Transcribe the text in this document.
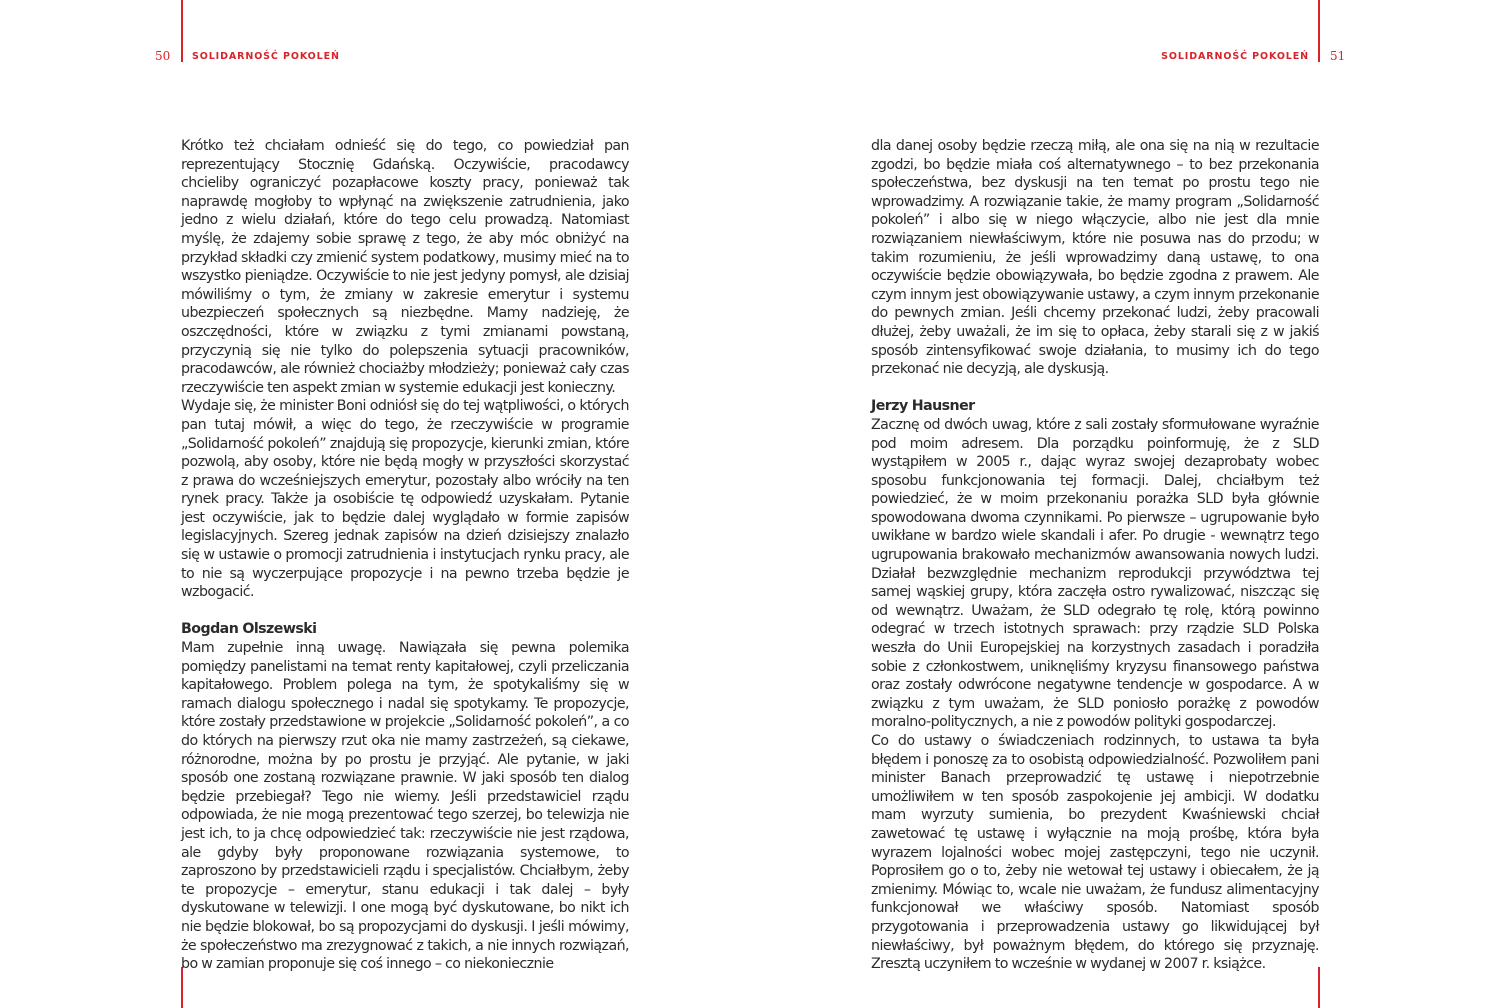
50 SOLIDARNOŚĆ POKOLEŃ	SOLIDARNOŚĆ POKOLEŃ 51

Krótko też chciałam odnieść się do tego, co powiedział pan reprezentujący Stocznię Gdańską. Oczywiście, pracodawcy chcieliby ograniczyć pozapłacowe koszty pracy, ponieważ tak naprawdę mogłoby to wpłynąć na zwiększenie zatrudnienia, jako jedno z wielu działań, które do tego celu prowadzą. Natomiast myślę, że zdajemy sobie sprawę z tego, że aby móc obniżyć na przykład składki czy zmienić system podatkowy, musimy mieć na to wszystko pieniądze. Oczywiście to nie jest jedyny pomysł, ale dzisiaj mówiliśmy o tym, że zmiany w zakresie emerytur i systemu ubezpieczeń społecznych są niezbędne. Mamy nadzieję, że oszczędności, które w związku z tymi zmianami powstaną, przyczynią się nie tylko do polepszenia sytuacji pracowników, pracodawców, ale również chociażby młodzieży; ponieważ cały czas rzeczywiście ten aspekt zmian w systemie edukacji jest konieczny.

Wydaje się, że minister Boni odniósł się do tej wątpliwości, o których pan tutaj mówił, a więc do tego, że rzeczywiście w programie „Solidarność pokoleń” znajdują się propozycje, kierunki zmian, które pozwolą, aby osoby, które nie będą mogły w przyszłości skorzystać z prawa do wcześniejszych emerytur, pozostały albo wróciły na ten rynek pracy. Także ja osobiście tę odpowiedź uzyskałam. Pytanie jest oczywiście, jak to będzie dalej wyglądało w formie zapisów legislacyjnych. Szereg jednak zapisów na dzień dzisiejszy znalazło się w ustawie o promocji zatrudnienia i instytucjach rynku pracy, ale to nie są wyczerpujące propozycje i na pewno trzeba będzie je wzbogacić.

Bogdan Olszewski

Mam zupełnie inną uwagę. Nawiązała się pewna polemika pomiędzy panelistami na temat renty kapitałowej, czyli przeliczania kapitałowego. Problem polega na tym, że spotykaliśmy się w ramach dialogu społecznego i nadal się spotykamy. Te propozycje, które zostały przedstawione w projekcie „Solidarność pokoleń”, a co do których na pierwszy rzut oka nie mamy zastrzeżeń, są ciekawe, różnorodne, można by po prostu je przyjąć. Ale pytanie, w jaki sposób one zostaną rozwiązane prawnie. W jaki sposób ten dialog będzie przebiegał? Tego nie wiemy. Jeśli przedstawiciel rządu odpowiada, że nie mogą prezentować tego szerzej, bo telewizja nie jest ich, to ja chcę odpowiedzieć tak: rzeczywiście nie jest rządowa, ale gdyby były proponowane rozwiązania systemowe, to zaproszono by przedstawicieli rządu i specjalistów. Chciałbym, żeby te propozycje – emerytur, stanu edukacji i tak dalej – były dyskutowane w telewizji. I one mogą być dyskutowane, bo nikt ich nie będzie blokował, bo są propozycjami do dyskusji. I jeśli mówimy, że społeczeństwo ma zrezygnować z takich, a nie innych rozwiązań, bo w zamian proponuje się coś innego – co niekoniecznie

dla danej osoby będzie rzeczą miłą, ale ona się na nią w rezultacie zgodzi, bo będzie miała coś alternatywnego – to bez przekonania społeczeństwa, bez dyskusji na ten temat po prostu tego nie wprowadzimy. A rozwiązanie takie, że mamy program „Solidarność pokoleń” i albo się w niego włączycie, albo nie jest dla mnie rozwiązaniem niewłaściwym, które nie posuwa nas do przodu; w takim rozumieniu, że jeśli wprowadzimy daną ustawę, to ona oczywiście będzie obowiązywała, bo będzie zgodna z prawem. Ale czym innym jest obowiązywanie ustawy, a czym innym przekonanie do pewnych zmian. Jeśli chcemy przekonać ludzi, żeby pracowali dłużej, żeby uważali, że im się to opłaca, żeby starali się z w jakiś sposób zintensyfikować swoje działania, to musimy ich do tego przekonać nie decyzją, ale dyskusją.

Jerzy Hausner

Zacznę od dwóch uwag, które z sali zostały sformułowane wyraźnie pod moim adresem. Dla porządku poinformuję, że z SLD wystąpiłem w 2005 r., dając wyraz swojej dezaprobaty wobec sposobu funkcjonowania tej formacji. Dalej, chciałbym też powiedzieć, że w moim przekonaniu porażka SLD była głównie spowodowana dwoma czynnikami. Po pierwsze – ugrupowanie było uwikłane w bardzo wiele skandali i afer. Po drugie - wewnątrz tego ugrupowania brakowało mechanizmów awansowania nowych ludzi. Działał bezwzględnie mechanizm reprodukcji przywództwa tej samej wąskiej grupy, która zaczęła ostro rywalizować, niszcząc się od wewnątrz. Uważam, że SLD odegrało tę rolę, którą powinno odegrać w trzech istotnych sprawach: przy rządzie SLD Polska weszła do Unii Europejskiej na korzystnych zasadach i poradziła sobie z członkostwem, uniknęliśmy kryzysu finansowego państwa oraz zostały odwrócone negatywne tendencje w gospodarce. A w związku z tym uważam, że SLD poniosło porażkę z powodów moralno-politycznych, a nie z powodów polityki gospodarczej.

Co do ustawy o świadczeniach rodzinnych, to ustawa ta była błędem i ponoszę za to osobistą odpowiedzialność. Pozwoliłem pani minister Banach przeprowadzić tę ustawę i niepotrzebnie umożliwiłem w ten sposób zaspokojenie jej ambicji. W dodatku mam wyrzuty sumienia, bo prezydent Kwaśniewski chciał zawetować tę ustawę i wyłącznie na moją prośbę, która była wyrazem lojalności wobec mojej zastępczyni, tego nie uczynił. Poprosiłem go o to, żeby nie wetował tej ustawy i obiecałem, że ją zmienimy. Mówiąc to, wcale nie uważam, że fundusz alimentacyjny funkcjonował we właściwy sposób. Natomiast sposób przygotowania i przeprowadzenia ustawy go likwidującej był niewłaściwy, był poważnym błędem, do którego się przyznaję. Zresztą uczyniłem to wcześnie w wydanej w 2007 r. książce.
